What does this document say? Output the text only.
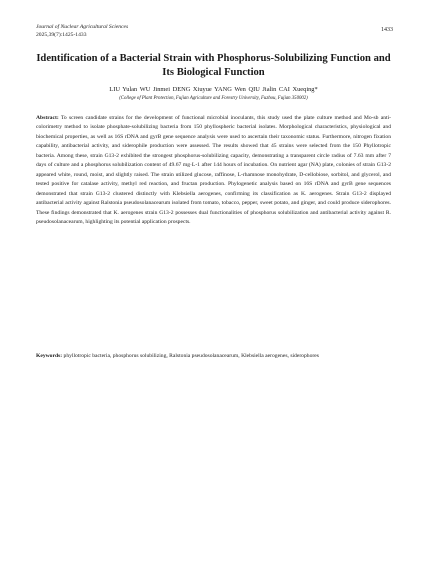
Journal of Nuclear Agricultural Sciences
2025,39(7):1425-1433
1433
Identification of a Bacterial Strain with Phosphorus-Solubilizing Function and Its Biological Function
LIU Yulan WU Jinmei DENG Xiuyue YANG Wen QIU Jialin CAI Xueqing*
(College of Plant Protection, Fujian Agriculture and Forestry University, Fuzhou, Fujian 350002)
Abstract: To screen candidate strains for the development of functional microbial inoculants, this study used the plate culture method and Mo-sb anti-colorimetry method to isolate phosphate-solubilizing bacteria from 150 phyllospheric bacterial isolates. Morphological characteristics, physiological and biochemical properties, as well as 16S rDNA and gyrB gene sequence analysis were used to ascertain their taxonomic status. Furthermore, nitrogen fixation capability, antibacterial activity, and siderophile production were assessed. The results showed that 45 strains were selected from the 150 Phyllotropic bacteria. Among these, strain G13-2 exhibited the strongest phosphorus-solubilizing capacity, demonstrating a transparent circle radius of 7.63 mm after 7 days of culture and a phosphorus solubilization content of 49.67 mg·L-1 after 144 hours of incubation. On nutrient agar (NA) plate, colonies of strain G13-2 appeared white, round, moist, and slightly raised. The strain utilized glucose, raffinose, L-rhamnose monohydrate, D-cellobiose, sorbitol, and glycerol, and tested positive for catalase activity, methyl red reaction, and fructan production. Phylogenetic analysis based on 16S rDNA and gyrB gene sequences demonstrated that strain G13-2 clustered distinctly with Klebsiella aerogenes, confirming its classification as K. aerogenes. Strain G13-2 displayed antibacterial activity against Ralstonia pseudosolanacearum isolated from tomato, tobacco, pepper, sweet potato, and ginger, and could produce siderophores. These findings demonstrated that K. aerogenes strain G13-2 possesses dual functionalities of phosphorus solubilization and antibacterial activity against R. pseudosolanacearum, highlighting its potential application prospects.
Keywords: phyllotropic bacteria, phosphorus solubilizing, Ralstonia pseudosolanacearum, Klebsiella aerogenes, siderophores
